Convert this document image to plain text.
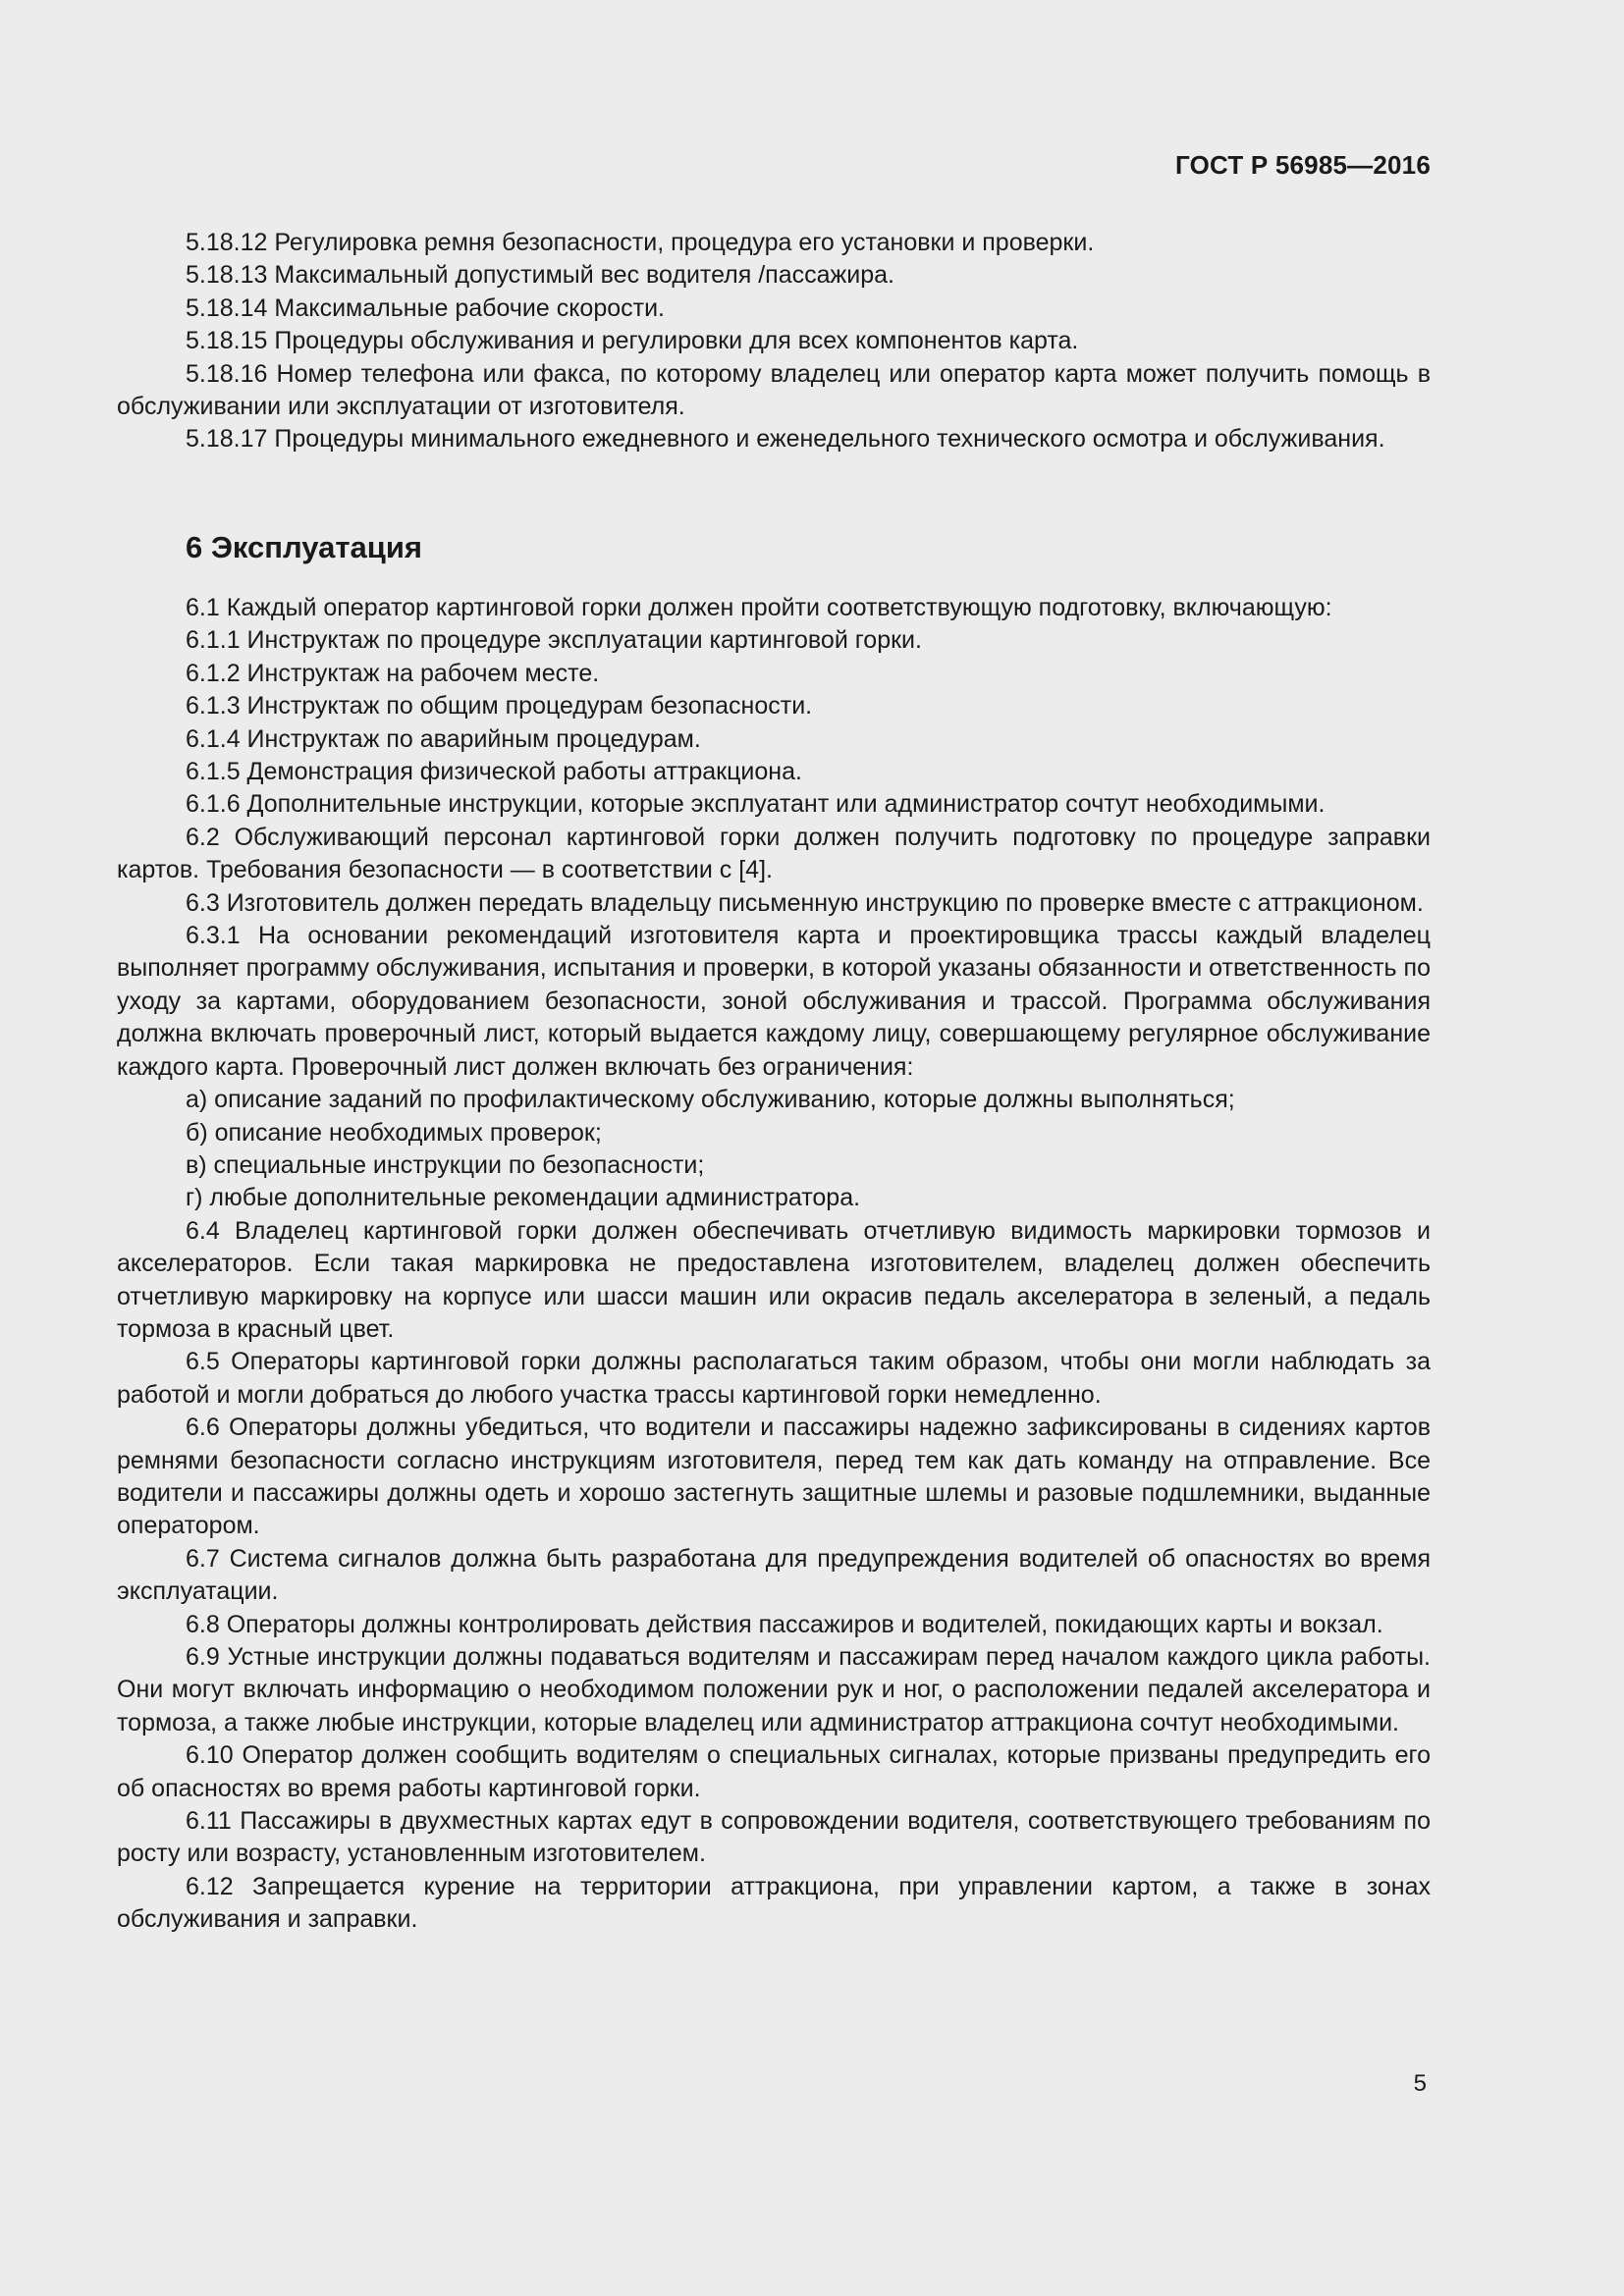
ГОСТ Р 56985—2016

5.18.12 Регулировка ремня безопасности, процедура его установки и проверки.

5.18.13 Максимальный допустимый вес водителя /пассажира.

5.18.14 Максимальные рабочие скорости.

5.18.15 Процедуры обслуживания и регулировки для всех компонентов карта.

5.18.16 Номер телефона или факса, по которому владелец или оператор карта может получить помощь в обслуживании или эксплуатации от изготовителя.

5.18.17 Процедуры минимального ежедневного и еженедельного технического осмотра и обслуживания.

6 Эксплуатация

6.1 Каждый оператор картинговой горки должен пройти соответствующую подготовку, включающую:

6.1.1 Инструктаж по процедуре эксплуатации картинговой горки.

6.1.2 Инструктаж на рабочем месте.

6.1.3 Инструктаж по общим процедурам безопасности.

6.1.4 Инструктаж по аварийным процедурам.

6.1.5 Демонстрация физической работы аттракциона.

6.1.6 Дополнительные инструкции, которые эксплуатант или администратор сочтут необходимыми.

6.2 Обслуживающий персонал картинговой горки должен получить подготовку по процедуре заправки картов. Требования безопасности — в соответствии с [4].

6.3 Изготовитель должен передать владельцу письменную инструкцию по проверке вместе с аттракционом.

6.3.1 На основании рекомендаций изготовителя карта и проектировщика трассы каждый владелец выполняет программу обслуживания, испытания и проверки, в которой указаны обязанности и ответственность по уходу за картами, оборудованием безопасности, зоной обслуживания и трассой. Программа обслуживания должна включать проверочный лист, который выдается каждому лицу, совершающему регулярное обслуживание каждого карта. Проверочный лист должен включать без ограничения:

а) описание заданий по профилактическому обслуживанию, которые должны выполняться;

б) описание необходимых проверок;

в) специальные инструкции по безопасности;

г) любые дополнительные рекомендации администратора.

6.4 Владелец картинговой горки должен обеспечивать отчетливую видимость маркировки тормозов и акселераторов. Если такая маркировка не предоставлена изготовителем, владелец должен обеспечить отчетливую маркировку на корпусе или шасси машин или окрасив педаль акселератора в зеленый, а педаль тормоза в красный цвет.

6.5 Операторы картинговой горки должны располагаться таким образом, чтобы они могли наблюдать за работой и могли добраться до любого участка трассы картинговой горки немедленно.

6.6 Операторы должны убедиться, что водители и пассажиры надежно зафиксированы в сидениях картов ремнями безопасности согласно инструкциям изготовителя, перед тем как дать команду на отправление. Все водители и пассажиры должны одеть и хорошо застегнуть защитные шлемы и разовые подшлемники, выданные оператором.

6.7 Система сигналов должна быть разработана для предупреждения водителей об опасностях во время эксплуатации.

6.8 Операторы должны контролировать действия пассажиров и водителей, покидающих карты и вокзал.

6.9 Устные инструкции должны подаваться водителям и пассажирам перед началом каждого цикла работы. Они могут включать информацию о необходимом положении рук и ног, о расположении педалей акселератора и тормоза, а также любые инструкции, которые владелец или администратор аттракциона сочтут необходимыми.

6.10 Оператор должен сообщить водителям о специальных сигналах, которые призваны предупредить его об опасностях во время работы картинговой горки.

6.11 Пассажиры в двухместных картах едут в сопровождении водителя, соответствующего требованиям по росту или возрасту, установленным изготовителем.

6.12 Запрещается курение на территории аттракциона, при управлении картом, а также в зонах обслуживания и заправки.

5
